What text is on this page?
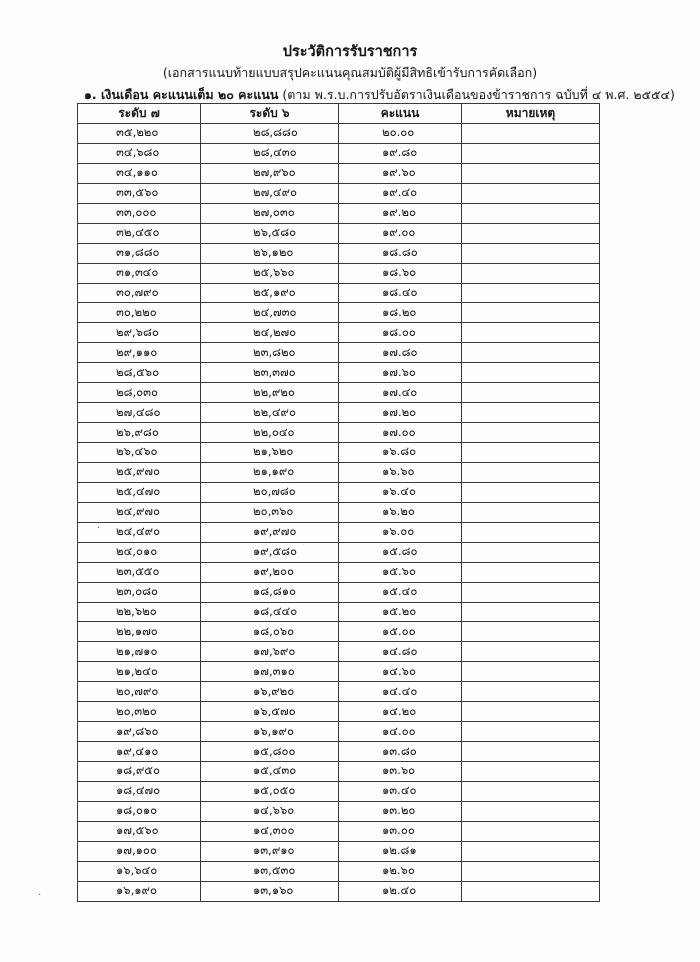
ประวัติการรับราชการ
(เอกสารแนบท้ายแบบสรุปคะแนนคุณสมบัติผู้มีสิทธิเข้ารับการคัดเลือก)
๑. เงินเดือน คะแนนเต็ม ๒๐ คะแนน (ตาม พ.ร.บ.การปรับอัตราเงินเดือนของข้าราชการ ฉบับที่ ๔ พ.ศ. ๒๕๕๔)
ระดับ ๗	ระดับ ๖	คะแนน	หมายเหตุ
๓๕,๒๒๐	๒๘,๘๘๐	๒๐.๐๐	
๓๔,๖๘๐	๒๘,๔๓๐	๑๙.๘๐	
๓๔,๑๑๐	๒๗,๙๖๐	๑๙.๖๐	
๓๓,๕๖๐	๒๗,๔๙๐	๑๙.๔๐	
๓๓,๐๐๐	๒๗,๐๓๐	๑๙.๒๐	
๓๒,๔๕๐	๒๖,๕๘๐	๑๙.๐๐	
๓๑,๘๘๐	๒๖,๑๒๐	๑๘.๘๐	
๓๑,๓๔๐	๒๕,๖๖๐	๑๘.๖๐	
๓๐,๗๙๐	๒๕,๑๙๐	๑๘.๔๐	
๓๐,๒๒๐	๒๔,๗๓๐	๑๘.๒๐	
๒๙,๖๘๐	๒๔,๒๗๐	๑๘.๐๐	
๒๙,๑๑๐	๒๓,๘๒๐	๑๗.๘๐	
๒๘,๕๖๐	๒๓,๓๗๐	๑๗.๖๐	
๒๘,๐๓๐	๒๒,๙๒๐	๑๗.๔๐	
๒๗,๔๘๐	๒๒,๔๙๐	๑๗.๒๐	
๒๖,๙๘๐	๒๒,๐๔๐	๑๗.๐๐	
๒๖,๔๖๐	๒๑,๖๒๐	๑๖.๘๐	
๒๕,๙๗๐	๒๑,๑๙๐	๑๖.๖๐	
๒๕,๔๗๐	๒๐,๗๘๐	๑๖.๔๐	
๒๔,๙๗๐	๒๐,๓๖๐	๑๖.๒๐	
๒๔,๔๙๐	๑๙,๙๗๐	๑๖.๐๐	
๒๔,๐๑๐	๑๙,๕๘๐	๑๕.๘๐	
๒๓,๕๕๐	๑๙,๒๐๐	๑๕.๖๐	
๒๓,๐๘๐	๑๘,๘๑๐	๑๕.๔๐	
๒๒,๖๒๐	๑๘,๔๔๐	๑๕.๒๐	
๒๒,๑๗๐	๑๘,๐๖๐	๑๕.๐๐	
๒๑,๗๑๐	๑๗,๖๙๐	๑๔.๘๐	
๒๑,๒๔๐	๑๗,๓๑๐	๑๔.๖๐	
๒๐,๗๙๐	๑๖,๙๒๐	๑๔.๔๐	
๒๐,๓๒๐	๑๖,๕๗๐	๑๔.๒๐	
๑๙,๘๖๐	๑๖,๑๙๐	๑๔.๐๐	
๑๙,๔๑๐	๑๕,๘๐๐	๑๓.๘๐	
๑๘,๙๕๐	๑๕,๔๓๐	๑๓.๖๐	
๑๘,๔๗๐	๑๕,๐๕๐	๑๓.๔๐	
๑๘,๐๑๐	๑๔,๖๖๐	๑๓.๒๐	
๑๗,๕๖๐	๑๔,๓๐๐	๑๓.๐๐	
๑๗,๑๐๐	๑๓,๙๑๐	๑๒.๘๑	
๑๖,๖๔๐	๑๓,๕๓๐	๑๒.๖๐	
๑๖,๑๙๐	๑๓,๑๖๐	๑๒.๔๐	
·
·
